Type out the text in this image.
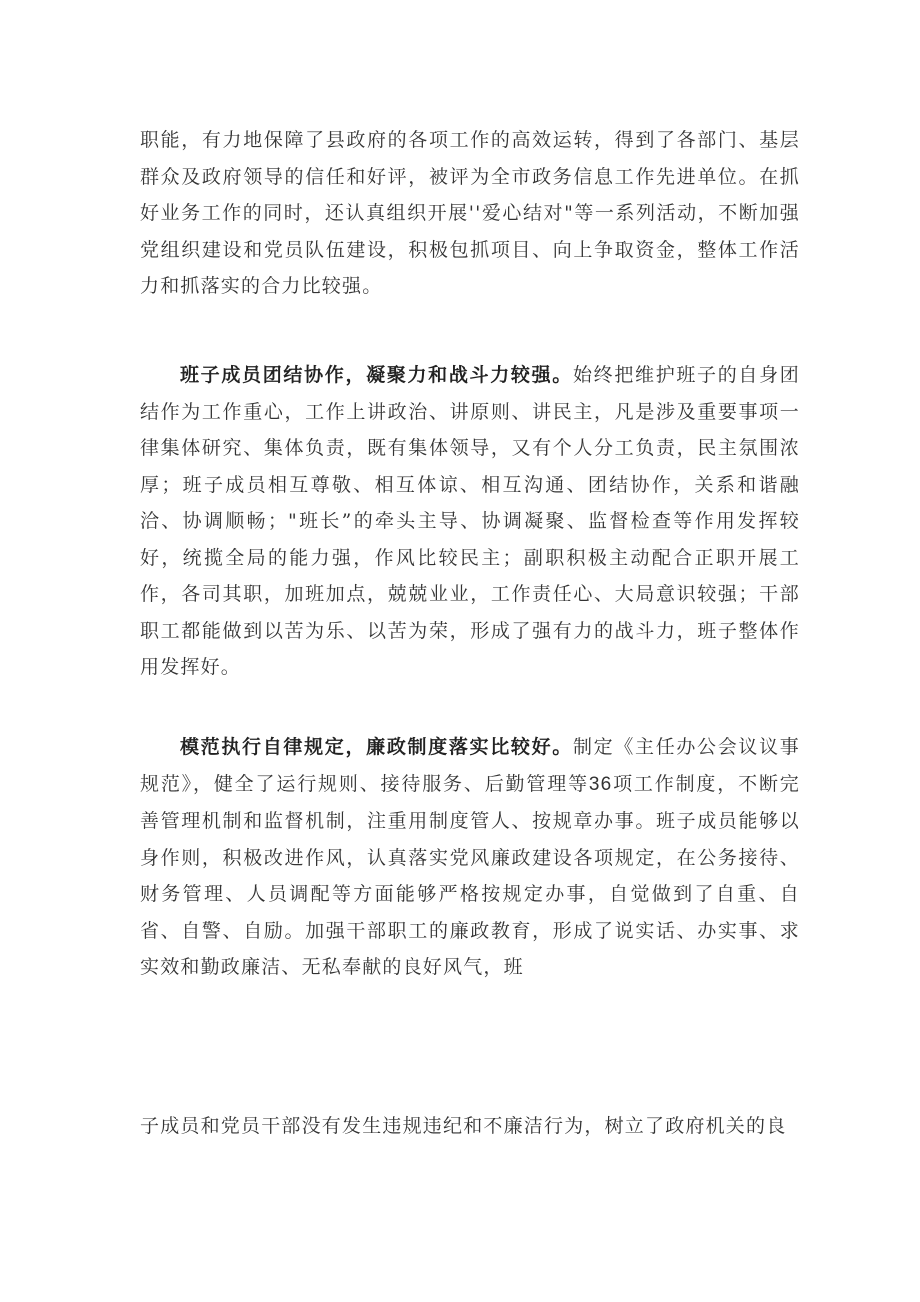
职能，有力地保障了县政府的各项工作的高效运转，得到了各部门、基层群众及政府领导的信任和好评，被评为全市政务信息工作先进单位。在抓好业务工作的同时，还认真组织开展''爱心结对"等一系列活动，不断加强党组织建设和党员队伍建设，积极包抓项目、向上争取资金，整体工作活力和抓落实的合力比较强。

班子成员团结协作，凝聚力和战斗力较强。始终把维护班子的自身团结作为工作重心，工作上讲政治、讲原则、讲民主，凡是涉及重要事项一律集体研究、集体负责，既有集体领导，又有个人分工负责，民主氛围浓厚；班子成员相互尊敬、相互体谅、相互沟通、团结协作，关系和谐融洽、协调顺畅；"班长”的牵头主导、协调凝聚、监督检查等作用发挥较好，统揽全局的能力强，作风比较民主；副职积极主动配合正职开展工作，各司其职，加班加点，兢兢业业，工作责任心、大局意识较强；干部职工都能做到以苦为乐、以苦为荣，形成了强有力的战斗力，班子整体作用发挥好。

模范执行自律规定，廉政制度落实比较好。制定《主任办公会议议事规范》，健全了运行规则、接待服务、后勤管理等36项工作制度，不断完善管理机制和监督机制，注重用制度管人、按规章办事。班子成员能够以身作则，积极改进作风，认真落实党风廉政建设各项规定，在公务接待、财务管理、人员调配等方面能够严格按规定办事，自觉做到了自重、自省、自警、自励。加强干部职工的廉政教育，形成了说实话、办实事、求实效和勤政廉洁、无私奉献的良好风气，班

子成员和党员干部没有发生违规违纪和不廉洁行为，树立了政府机关的良
